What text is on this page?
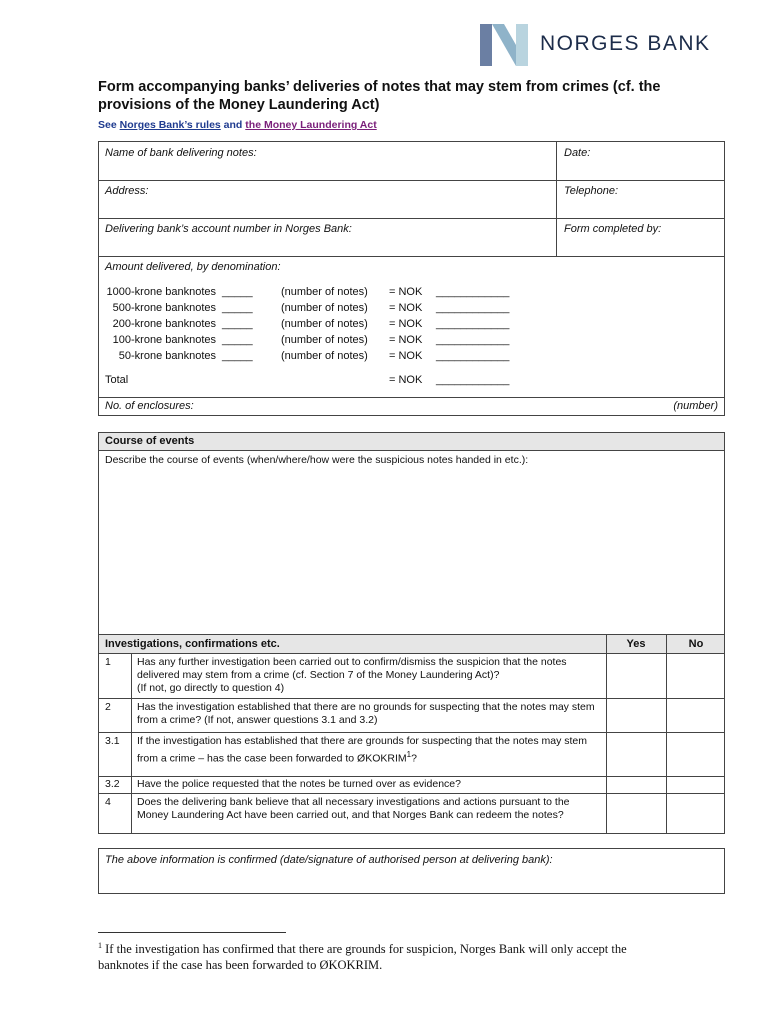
NORGES BANK
Form accompanying banks’ deliveries of notes that may stem from crimes (cf. the provisions of the Money Laundering Act)
See Norges Bank’s rules and the Money Laundering Act
Name of bank delivering notes:	Date:
Address:	Telephone:
Delivering bank’s account number in Norges Bank:	Form completed by:
Amount delivered, by denomination:
1000-krone banknotes _____	(number of notes) = NOK ____________
500-krone banknotes _____	(number of notes) = NOK ____________
200-krone banknotes _____	(number of notes) = NOK ____________
100-krone banknotes _____	(number of notes) = NOK ____________
50-krone banknotes _____	(number of notes) = NOK ____________
Total	= NOK ____________
No. of enclosures:	(number)
Course of events
Describe the course of events (when/where/how were the suspicious notes handed in etc.):
Investigations, confirmations etc.	Yes	No
1 Has any further investigation been carried out to confirm/dismiss the suspicion that the notes delivered may stem from a crime (cf. Section 7 of the Money Laundering Act)?
(If not, go directly to question 4)
2 Has the investigation established that there are no grounds for suspecting that the notes may stem from a crime? (If not, answer questions 3.1 and 3.2)
3.1 If the investigation has established that there are grounds for suspecting that the notes may stem from a crime – has the case been forwarded to ØKOKRIM$^1$?
3.2 Have the police requested that the notes be turned over as evidence?
4 Does the delivering bank believe that all necessary investigations and actions pursuant to the Money Laundering Act have been carried out, and that Norges Bank can redeem the notes?
The above information is confirmed (date/signature of authorised person at delivering bank):
$^1$ If the investigation has confirmed that there are grounds for suspicion, Norges Bank will only accept the banknotes if the case has been forwarded to ØKOKRIM.
